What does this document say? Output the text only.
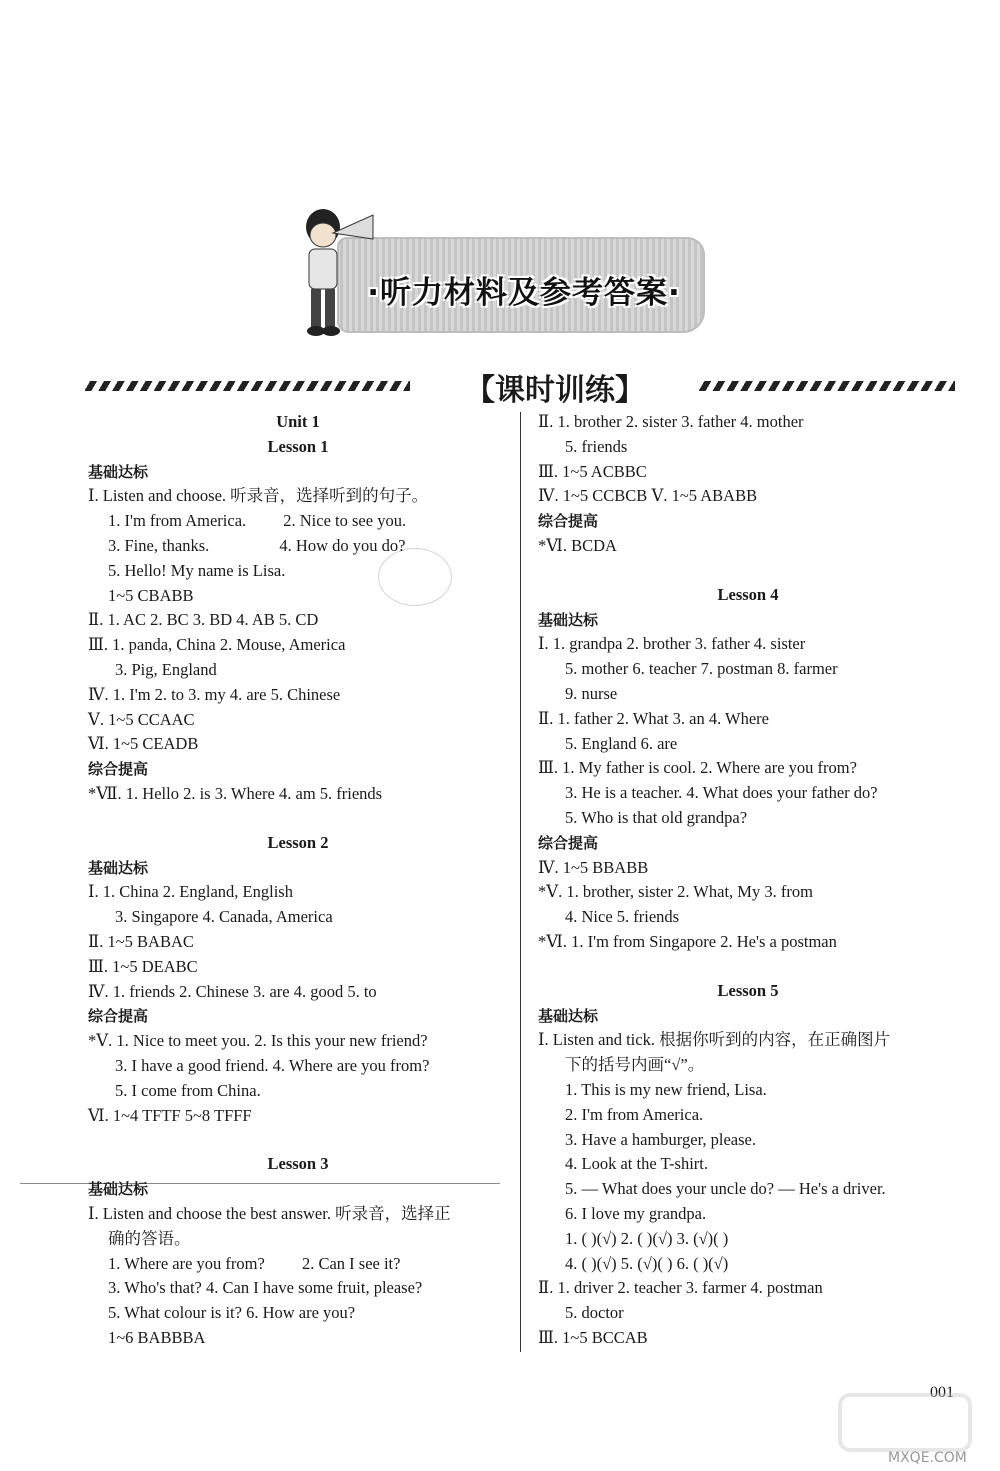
·听力材料及参考答案·
【课时训练】
Unit 1
Lesson 1
基础达标
Ⅰ. Listen and choose. 听录音，选择听到的句子。
1. I'm from America.　　 2. Nice to see you.
3. Fine, thanks.　　　　 4. How do you do?
5. Hello! My name is Lisa.
1~5 CBABB
Ⅱ. 1. AC 2. BC 3. BD 4. AB 5. CD
Ⅲ. 1. panda, China 2. Mouse, America
3. Pig, England
Ⅳ. 1. I'm 2. to 3. my 4. are 5. Chinese
Ⅴ. 1~5 CCAAC
Ⅵ. 1~5 CEADB
综合提高
*Ⅶ. 1. Hello 2. is 3. Where 4. am 5. friends
Lesson 2
基础达标
Ⅰ. 1. China 2. England, English
3. Singapore 4. Canada, America
Ⅱ. 1~5 BABAC
Ⅲ. 1~5 DEABC
Ⅳ. 1. friends 2. Chinese 3. are 4. good 5. to
综合提高
*Ⅴ. 1. Nice to meet you. 2. Is this your new friend?
3. I have a good friend. 4. Where are you from?
5. I come from China.
Ⅵ. 1~4 TFTF 5~8 TFFF
Lesson 3
基础达标
Ⅰ. Listen and choose the best answer. 听录音，选择正
确的答语。
1. Where are you from?　　 2. Can I see it?
3. Who's that? 4. Can I have some fruit, please?
5. What colour is it? 6. How are you?
1~6 BABBBA
Ⅱ. 1. brother 2. sister 3. father 4. mother
5. friends
Ⅲ. 1~5 ACBBC
Ⅳ. 1~5 CCBCB Ⅴ. 1~5 ABABB
综合提高
*Ⅵ. BCDA
Lesson 4
基础达标
Ⅰ. 1. grandpa 2. brother 3. father 4. sister
5. mother 6. teacher 7. postman 8. farmer
9. nurse
Ⅱ. 1. father 2. What 3. an 4. Where
5. England 6. are
Ⅲ. 1. My father is cool. 2. Where are you from?
3. He is a teacher. 4. What does your father do?
5. Who is that old grandpa?
综合提高
Ⅳ. 1~5 BBABB
*Ⅴ. 1. brother, sister 2. What, My 3. from
4. Nice 5. friends
*Ⅵ. 1. I'm from Singapore 2. He's a postman
Lesson 5
基础达标
Ⅰ. Listen and tick. 根据你听到的内容，在正确图片
下的括号内画“√”。
1. This is my new friend, Lisa.
2. I'm from America.
3. Have a hamburger, please.
4. Look at the T-shirt.
5. — What does your uncle do? — He's a driver.
6. I love my grandpa.
1. ( )(√) 2. ( )(√) 3. (√)( )
4. ( )(√) 5. (√)( ) 6. ( )(√)
Ⅱ. 1. driver 2. teacher 3. farmer 4. postman
5. doctor
Ⅲ. 1~5 BCCAB
001
MXQE.COM
